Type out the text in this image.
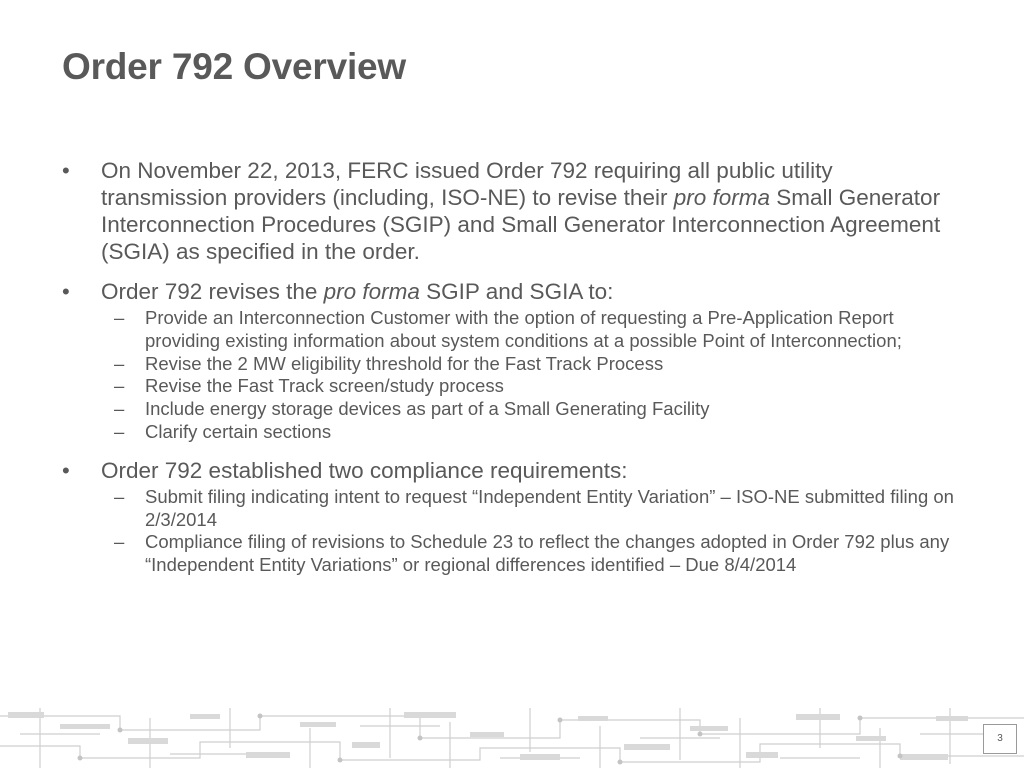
Order 792 Overview
• On November 22, 2013, FERC issued Order 792 requiring all public utility transmission providers (including, ISO-NE) to revise their pro forma Small Generator Interconnection Procedures (SGIP) and Small Generator Interconnection Agreement (SGIA) as specified in the order.
• Order 792 revises the pro forma SGIP and SGIA to:
– Provide an Interconnection Customer with the option of requesting a Pre-Application Report providing existing information about system conditions at a possible Point of Interconnection;
– Revise the 2 MW eligibility threshold for the Fast Track Process
– Revise the Fast Track screen/study process
– Include energy storage devices as part of a Small Generating Facility
– Clarify certain sections
• Order 792 established two compliance requirements:
– Submit filing indicating intent to request “Independent Entity Variation” – ISO-NE submitted filing on 2/3/2014
– Compliance filing of revisions to Schedule 23 to reflect the changes adopted in Order 792 plus any “Independent Entity Variations” or regional differences identified – Due 8/4/2014
3
